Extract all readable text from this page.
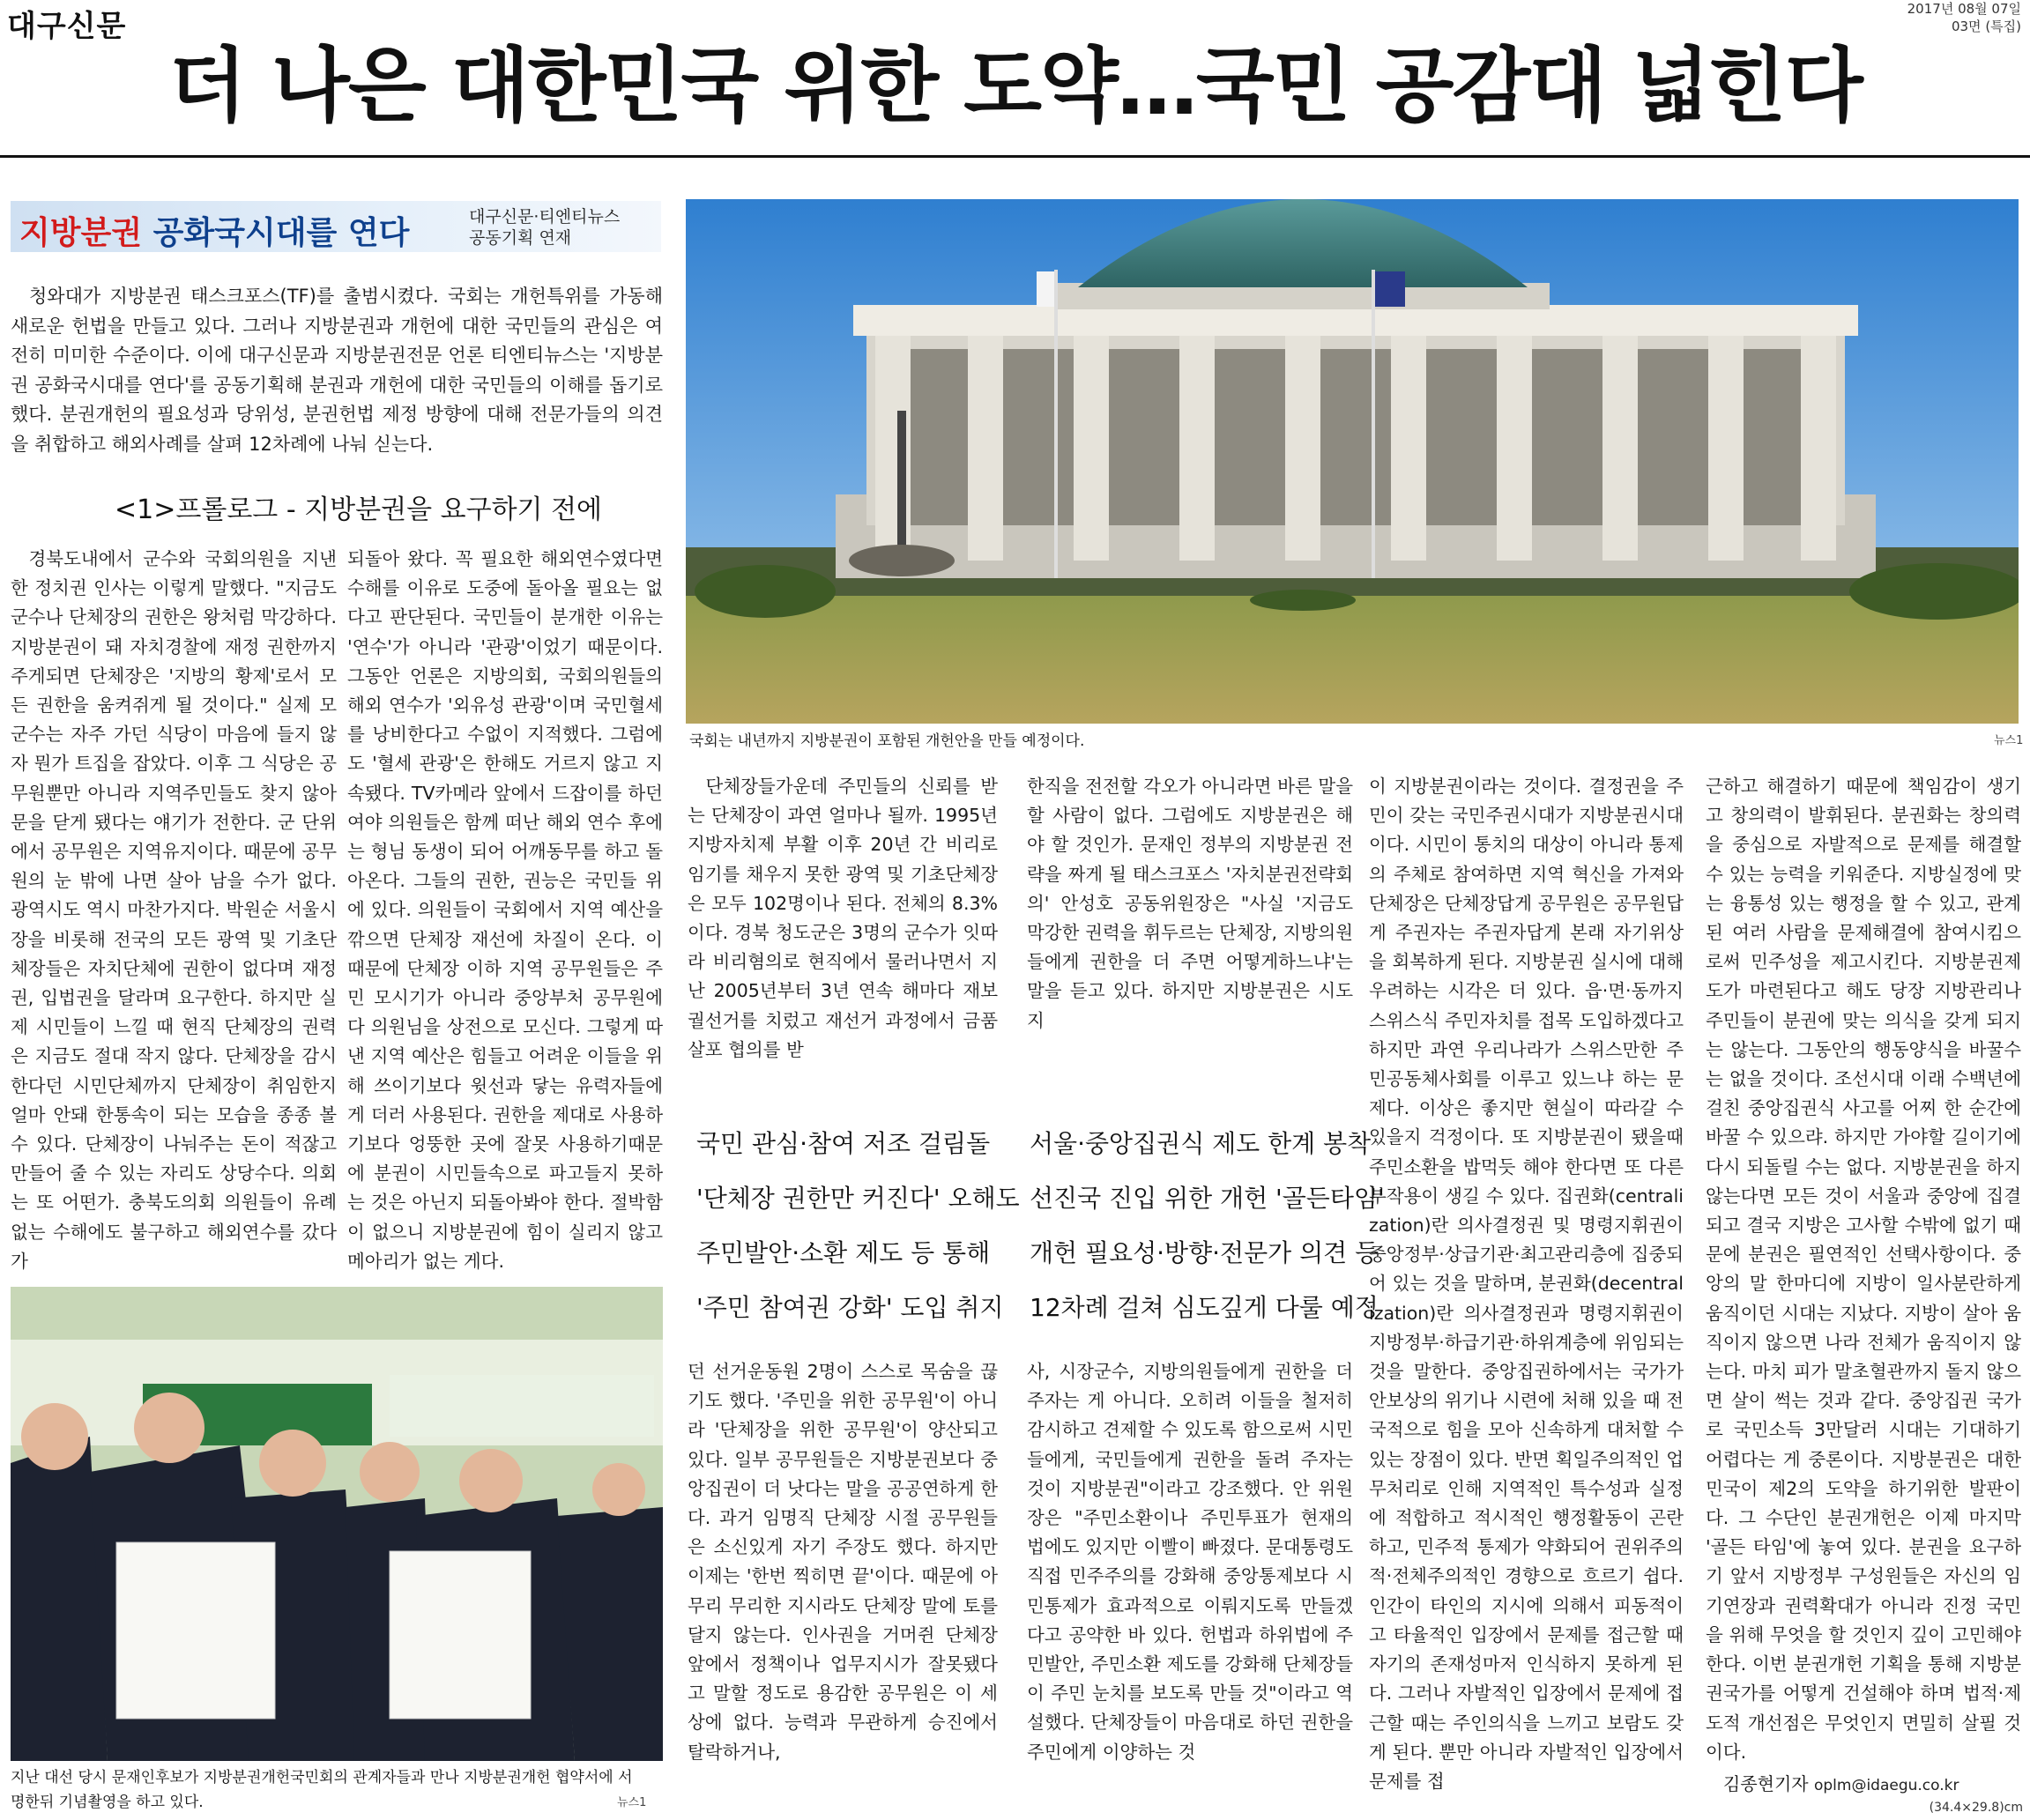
대구신문	2017년 08월 07일
03면 (특집)
더 나은 대한민국 위한 도약…국민 공감대 넓힌다
지방분권 공화국시대를 연다	대구신문·티엔티뉴스
공동기획 연재

청와대가 지방분권 태스크포스(TF)를 출범시켰다. 국회는 개헌특위를 가동해 새로운 헌법을 만들고 있다. 그러나 지방분권과 개헌에 대한 국민들의 관심은 여전히 미미한 수준이다. 이에 대구신문과 지방분권전문 언론 티엔티뉴스는 '지방분권 공화국시대를 연다'를 공동기획해 분권과 개헌에 대한 국민들의 이해를 돕기로했다. 분권개헌의 필요성과 당위성, 분권헌법 제정 방향에 대해 전문가들의 의견을 취합하고 해외사례를 살펴 12차례에 나눠 싣는다.

<1>프롤로그 - 지방분권을 요구하기 전에

경북도내에서 군수와 국회의원을 지낸 한 정치권 인사는 이렇게 말했다. "지금도 군수나 단체장의 권한은 왕처럼 막강하다. 지방분권이 돼 자치경찰에 재정 권한까지 주게되면 단체장은 '지방의 황제'로서 모든 권한을 움켜쥐게 될 것이다." 실제 모 군수는 자주 가던 식당이 마음에 들지 않자 뭔가 트집을 잡았다. 이후 그 식당은 공무원뿐만 아니라 지역주민들도 찾지 않아 문을 닫게 됐다는 얘기가 전한다. 군 단위에서 공무원은 지역유지이다. 때문에 공무원의 눈 밖에 나면 살아 남을 수가 없다. 광역시도 역시 마찬가지다. 박원순 서울시장을 비롯해 전국의 모든 광역 및 기초단체장들은 자치단체에 권한이 없다며 재정권, 입법권을 달라며 요구한다. 하지만 실제 시민들이 느낄 때 현직 단체장의 권력은 지금도 절대 작지 않다. 단체장을 감시한다던 시민단체까지 단체장이 취임한지 얼마 안돼 한통속이 되는 모습을 종종 볼 수 있다. 단체장이 나눠주는 돈이 적잖고 만들어 줄 수 있는 자리도 상당수다. 의회는 또 어떤가. 충북도의회 의원들이 유례없는 수해에도 불구하고 해외연수를 갔다가

되돌아 왔다. 꼭 필요한 해외연수였다면 수해를 이유로 도중에 돌아올 필요는 없다고 판단된다. 국민들이 분개한 이유는 '연수'가 아니라 '관광'이었기 때문이다. 그동안 언론은 지방의회, 국회의원들의 해외 연수가 '외유성 관광'이며 국민혈세를 낭비한다고 수없이 지적했다. 그럼에도 '혈세 관광'은 한해도 거르지 않고 지속됐다. TV카메라 앞에서 드잡이를 하던 여야 의원들은 함께 떠난 해외 연수 후에는 형님 동생이 되어 어깨동무를 하고 돌아온다. 그들의 권한, 권능은 국민들 위에 있다. 의원들이 국회에서 지역 예산을 깎으면 단체장 재선에 차질이 온다. 이 때문에 단체장 이하 지역 공무원들은 주민 모시기가 아니라 중앙부처 공무원에 다 의원님을 상전으로 모신다. 그렇게 따낸 지역 예산은 힘들고 어려운 이들을 위해 쓰이기보다 윗선과 닿는 유력자들에게 더러 사용된다. 권한을 제대로 사용하기보다 엉뚱한 곳에 잘못 사용하기때문에 분권이 시민들속으로 파고들지 못하는 것은 아닌지 되돌아봐야 한다. 절박함이 없으니 지방분권에 힘이 실리지 않고 메아리가 없는 게다.

단체장들가운데 주민들의 신뢰를 받는 단체장이 과연 얼마나 될까. 1995년 지방자치제 부활 이후 20년 간 비리로 임기를 채우지 못한 광역 및 기초단체장은 모두 102명이나 된다. 전체의 8.3%이다. 경북 청도군은 3명의 군수가 잇따라 비리혐의로 현직에서 물러나면서 지난 2005년부터 3년 연속 해마다 재보궐선거를 치렀고 재선거 과정에서 금품살포 협의를 받

한직을 전전할 각오가 아니라면 바른 말을 할 사람이 없다. 그럼에도 지방분권은 해야 할 것인가. 문재인 정부의 지방분권 전략을 짜게 될 태스크포스 '자치분권전략회의' 안성호 공동위원장은 "사실 '지금도 막강한 권력을 휘두르는 단체장, 지방의원들에게 권한을 더 주면 어떻게하느냐'는 말을 듣고 있다. 하지만 지방분권은 시도지

던 선거운동원 2명이 스스로 목숨을 끊기도 했다. '주민을 위한 공무원'이 아니라 '단체장을 위한 공무원'이 양산되고 있다. 일부 공무원들은 지방분권보다 중앙집권이 더 낫다는 말을 공공연하게 한다. 과거 임명직 단체장 시절 공무원들은 소신있게 자기 주장도 했다. 하지만 이제는 '한번 찍히면 끝'이다. 때문에 아무리 무리한 지시라도 단체장 말에 토를 달지 않는다. 인사권을 거머쥔 단체장 앞에서 정책이나 업무지시가 잘못됐다고 말할 정도로 용감한 공무원은 이 세상에 없다. 능력과 무관하게 승진에서 탈락하거나,

사, 시장군수, 지방의원들에게 권한을 더 주자는 게 아니다. 오히려 이들을 철저히 감시하고 견제할 수 있도록 함으로써 시민들에게, 국민들에게 권한을 돌려 주자는 것이 지방분권"이라고 강조했다. 안 위원장은 "주민소환이나 주민투표가 현재의 법에도 있지만 이빨이 빠졌다. 문대통령도 직접 민주주의를 강화해 중앙통제보다 시민통제가 효과적으로 이뤄지도록 만들겠다고 공약한 바 있다. 헌법과 하위법에 주민발안, 주민소환 제도를 강화해 단체장들이 주민 눈치를 보도록 만들 것"이라고 역설했다. 단체장들이 마음대로 하던 권한을 주민에게 이양하는 것

이 지방분권이라는 것이다. 결정권을 주민이 갖는 국민주권시대가 지방분권시대이다. 시민이 통치의 대상이 아니라 통제의 주체로 참여하면 지역 혁신을 가져와 단체장은 단체장답게 공무원은 공무원답게 주권자는 주권자답게 본래 자기위상을 회복하게 된다. 지방분권 실시에 대해 우려하는 시각은 더 있다. 읍·면·동까지 스위스식 주민자치를 접목 도입하겠다고 하지만 과연 우리나라가 스위스만한 주민공동체사회를 이루고 있느냐 하는 문제다. 이상은 좋지만 현실이 따라갈 수 있을지 걱정이다. 또 지방분권이 됐을때 주민소환을 밥먹듯 해야 한다면 또 다른 부작용이 생길 수 있다. 집권화(centralization)란 의사결정권 및 명령지휘권이 중앙정부·상급기관·최고관리층에 집중되어 있는 것을 말하며, 분권화(decentralization)란 의사결정권과 명령지휘권이 지방정부·하급기관·하위계층에 위임되는 것을 말한다. 중앙집권하에서는 국가가 안보상의 위기나 시련에 처해 있을 때 전국적으로 힘을 모아 신속하게 대처할 수 있는 장점이 있다. 반면 획일주의적인 업무처리로 인해 지역적인 특수성과 실정에 적합하고 적시적인 행정활동이 곤란하고, 민주적 통제가 약화되어 권위주의적·전체주의적인 경향으로 흐르기 쉽다. 인간이 타인의 지시에 의해서 피동적이고 타율적인 입장에서 문제를 접근할 때 자기의 존재성마저 인식하지 못하게 된다. 그러나 자발적인 입장에서 문제에 접근할 때는 주인의식을 느끼고 보람도 갖게 된다. 뿐만 아니라 자발적인 입장에서 문제를 접

근하고 해결하기 때문에 책임감이 생기고 창의력이 발휘된다. 분권화는 창의력을 중심으로 자발적으로 문제를 해결할 수 있는 능력을 키워준다. 지방실정에 맞는 융통성 있는 행정을 할 수 있고, 관계된 여러 사람을 문제해결에 참여시킴으로써 민주성을 제고시킨다. 지방분권제도가 마련된다고 해도 당장 지방관리나 주민들이 분권에 맞는 의식을 갖게 되지는 않는다. 그동안의 행동양식을 바꿀수는 없을 것이다. 조선시대 이래 수백년에 걸친 중앙집권식 사고를 어찌 한 순간에 바꿀 수 있으랴. 하지만 가야할 길이기에 다시 되돌릴 수는 없다. 지방분권을 하지 않는다면 모든 것이 서울과 중앙에 집결되고 결국 지방은 고사할 수밖에 없기 때문에 분권은 필연적인 선택사항이다. 중앙의 말 한마디에 지방이 일사분란하게 움직이던 시대는 지났다. 지방이 살아 움직이지 않으면 나라 전체가 움직이지 않는다. 마치 피가 말초혈관까지 돌지 않으면 살이 썩는 것과 같다. 중앙집권 국가로 국민소득 3만달러 시대는 기대하기 어렵다는 게 중론이다. 지방분권은 대한민국이 제2의 도약을 하기위한 발판이다. 그 수단인 분권개헌은 이제 마지막 '골든 타임'에 놓여 있다. 분권을 요구하기 앞서 지방정부 구성원들은 자신의 임기연장과 권력확대가 아니라 진정 국민을 위해 무엇을 할 것인지 깊이 고민해야 한다. 이번 분권개헌 기획을 통해 지방분권국가를 어떻게 건설해야 하며 법적·제도적 개선점은 무엇인지 면밀히 살필 것이다.

국민 관심·참여 저조 걸림돌
'단체장 권한만 커진다' 오해도
주민발안·소환 제도 등 통해
'주민 참여권 강화' 도입 취지
서울·중앙집권식 제도 한계 봉착
선진국 진입 위한 개헌 '골든타임'
개헌 필요성·방향·전문가 의견 등
12차례 걸쳐 심도깊게 다룰 예정
국회는 내년까지 지방분권이 포함된 개헌안을 만들 예정이다.	뉴스1
지난 대선 당시 문재인후보가 지방분권개헌국민회의 관계자들과 만나 지방분권개헌 협약서에 서명한뒤 기념촬영을 하고 있다.	뉴스1
김종현기자 oplm@idaegu.co.kr
(34.4×29.8)cm
